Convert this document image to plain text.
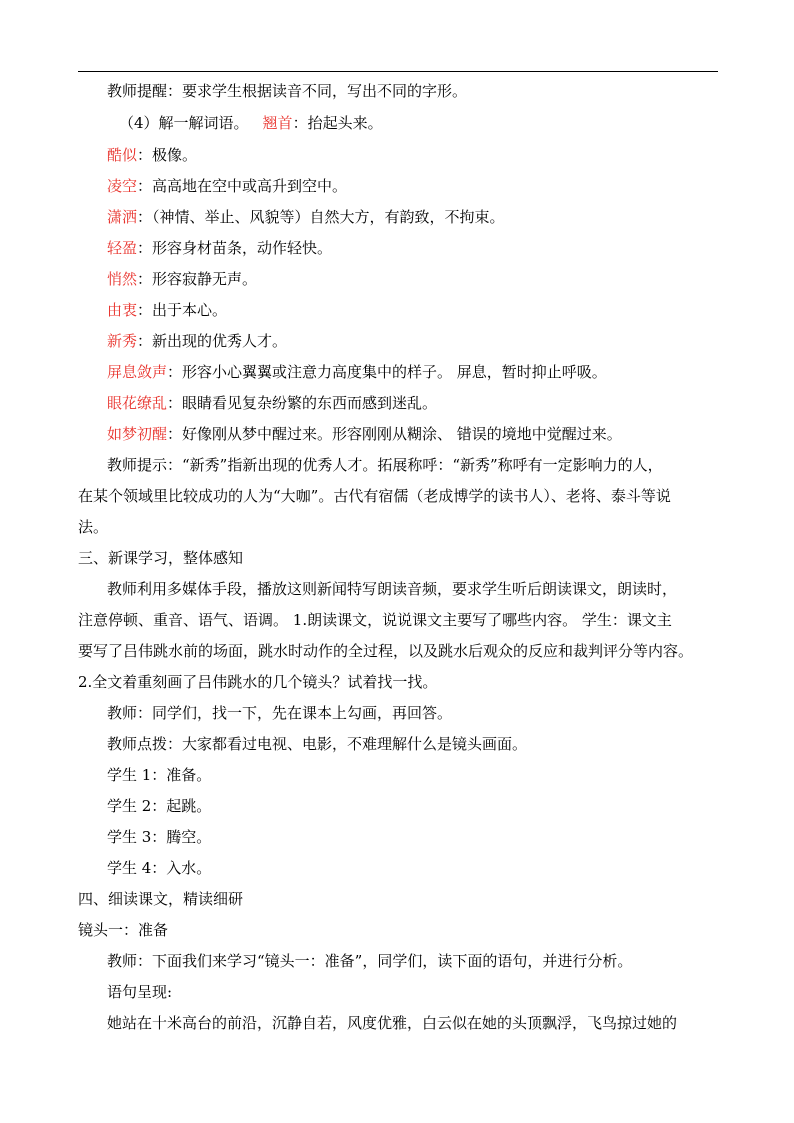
教师提醒：要求学生根据读音不同，写出不同的字形。
（4）解一解词语。 翘首：抬起头来。
酷似：极像。
凌空：高高地在空中或高升到空中。
潇洒：（神情、举止、风貌等）自然大方，有韵致，不拘束。
轻盈：形容身材苗条，动作轻快。
悄然：形容寂静无声。
由衷：出于本心。
新秀：新出现的优秀人才。
屏息敛声：形容小心翼翼或注意力高度集中的样子。 屏息，暂时抑止呼吸。
眼花缭乱：眼睛看见复杂纷繁的东西而感到迷乱。
如梦初醒：好像刚从梦中醒过来。形容刚刚从糊涂、 错误的境地中觉醒过来。
教师提示：“新秀”指新出现的优秀人才。拓展称呼：“新秀”称呼有一定影响力的人，
在某个领域里比较成功的人为“大咖”。古代有宿儒（老成博学的读书人）、老将、泰斗等说
法。
三、新课学习，整体感知
教师利用多媒体手段，播放这则新闻特写朗读音频，要求学生听后朗读课文，朗读时，
注意停顿、重音、语气、语调。 1.朗读课文，说说课文主要写了哪些内容。 学生：课文主
要写了吕伟跳水前的场面，跳水时动作的全过程，以及跳水后观众的反应和裁判评分等内容。
2.全文着重刻画了吕伟跳水的几个镜头？试着找一找。
教师：同学们，找一下，先在课本上勾画，再回答。
教师点拨：大家都看过电视、电影，不难理解什么是镜头画面。
学生 1：准备。
学生 2：起跳。
学生 3：腾空。
学生 4：入水。
四、细读课文，精读细研
镜头一：准备
教师：下面我们来学习“镜头一：准备”，同学们，读下面的语句，并进行分析。
语句呈现:
她站在十米高台的前沿，沉静自若，风度优雅，白云似在她的头顶飘浮，飞鸟掠过她的
